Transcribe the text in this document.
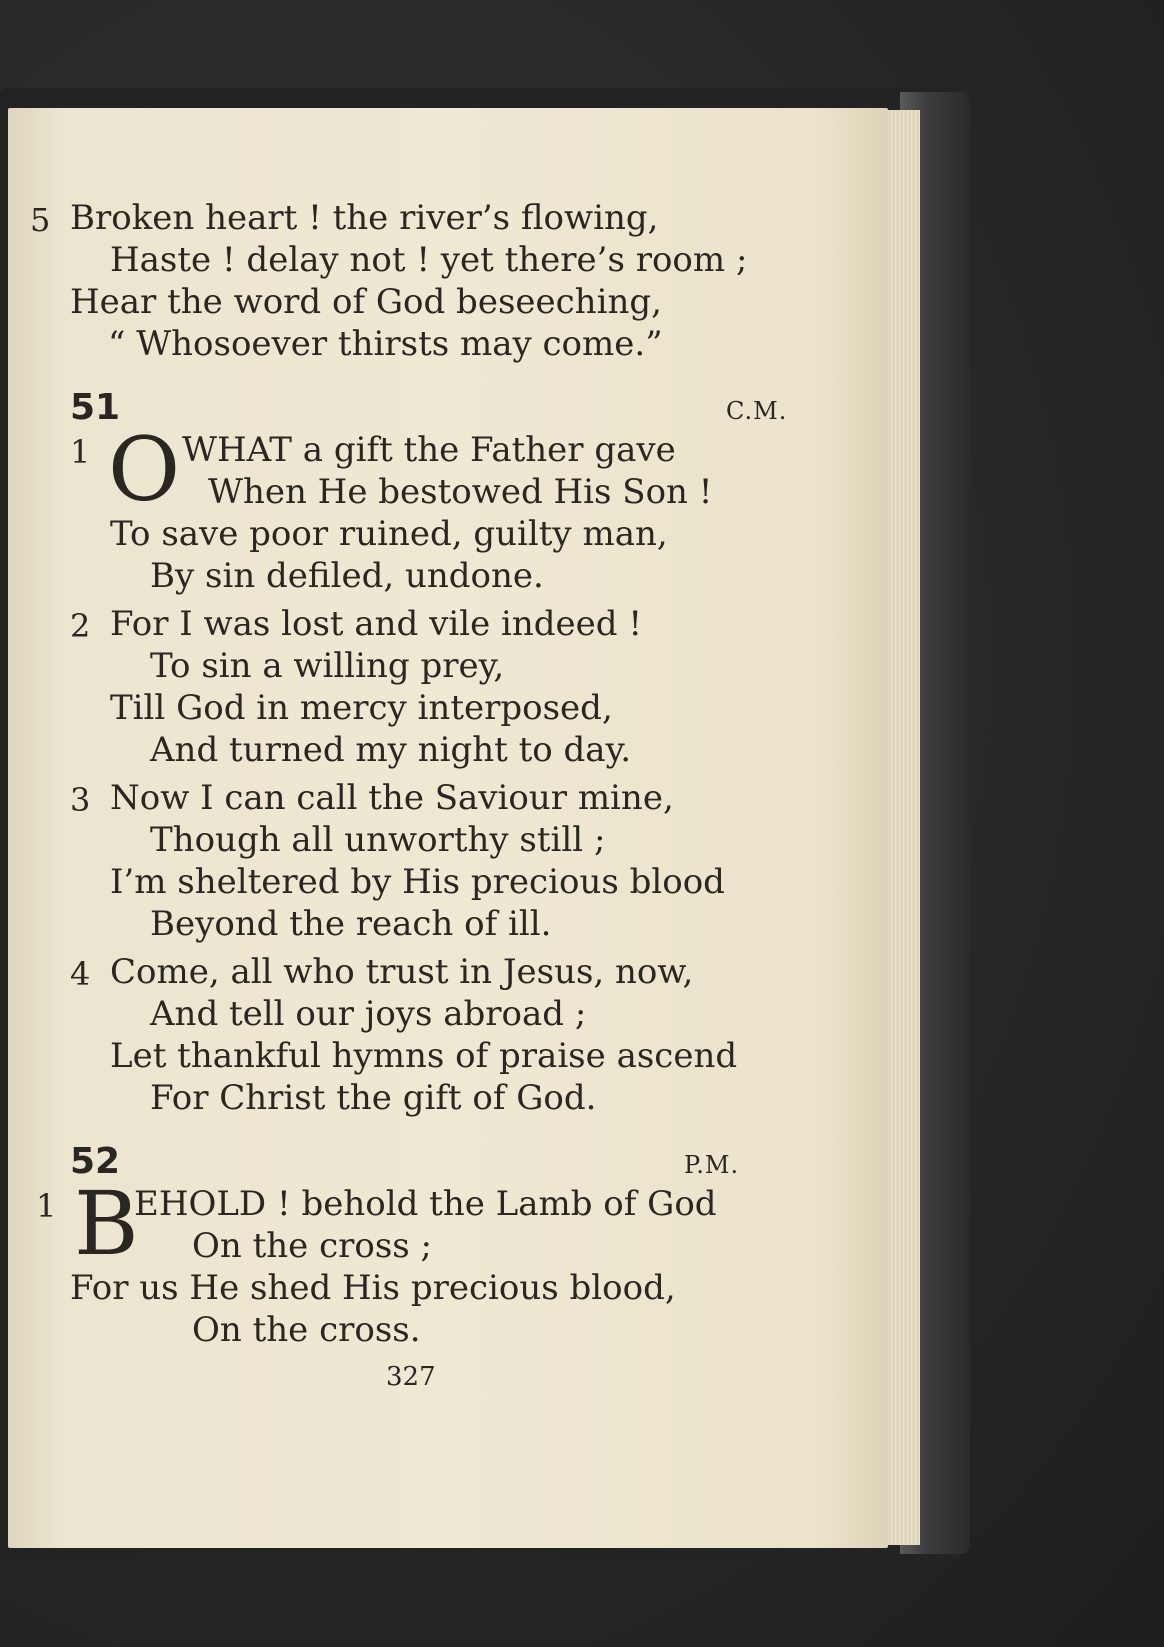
5 Broken heart ! the river’s flowing,
Haste ! delay not ! yet there’s room ;
Hear the word of God beseeching,
“ Whosoever thirsts may come.”
51	C.M.
1 O WHAT a gift the Father gave
When He bestowed His Son !
To save poor ruined, guilty man,
By sin defiled, undone.
2 For I was lost and vile indeed !
To sin a willing prey,
Till God in mercy interposed,
And turned my night to day.
3 Now I can call the Saviour mine,
Though all unworthy still ;
I’m sheltered by His precious blood
Beyond the reach of ill.
4 Come, all who trust in Jesus, now,
And tell our joys abroad ;
Let thankful hymns of praise ascend
For Christ the gift of God.
52	P.M.
1 B
EHOLD ! behold the Lamb of God
On the cross ;
For us He shed His precious blood,
On the cross.
327
